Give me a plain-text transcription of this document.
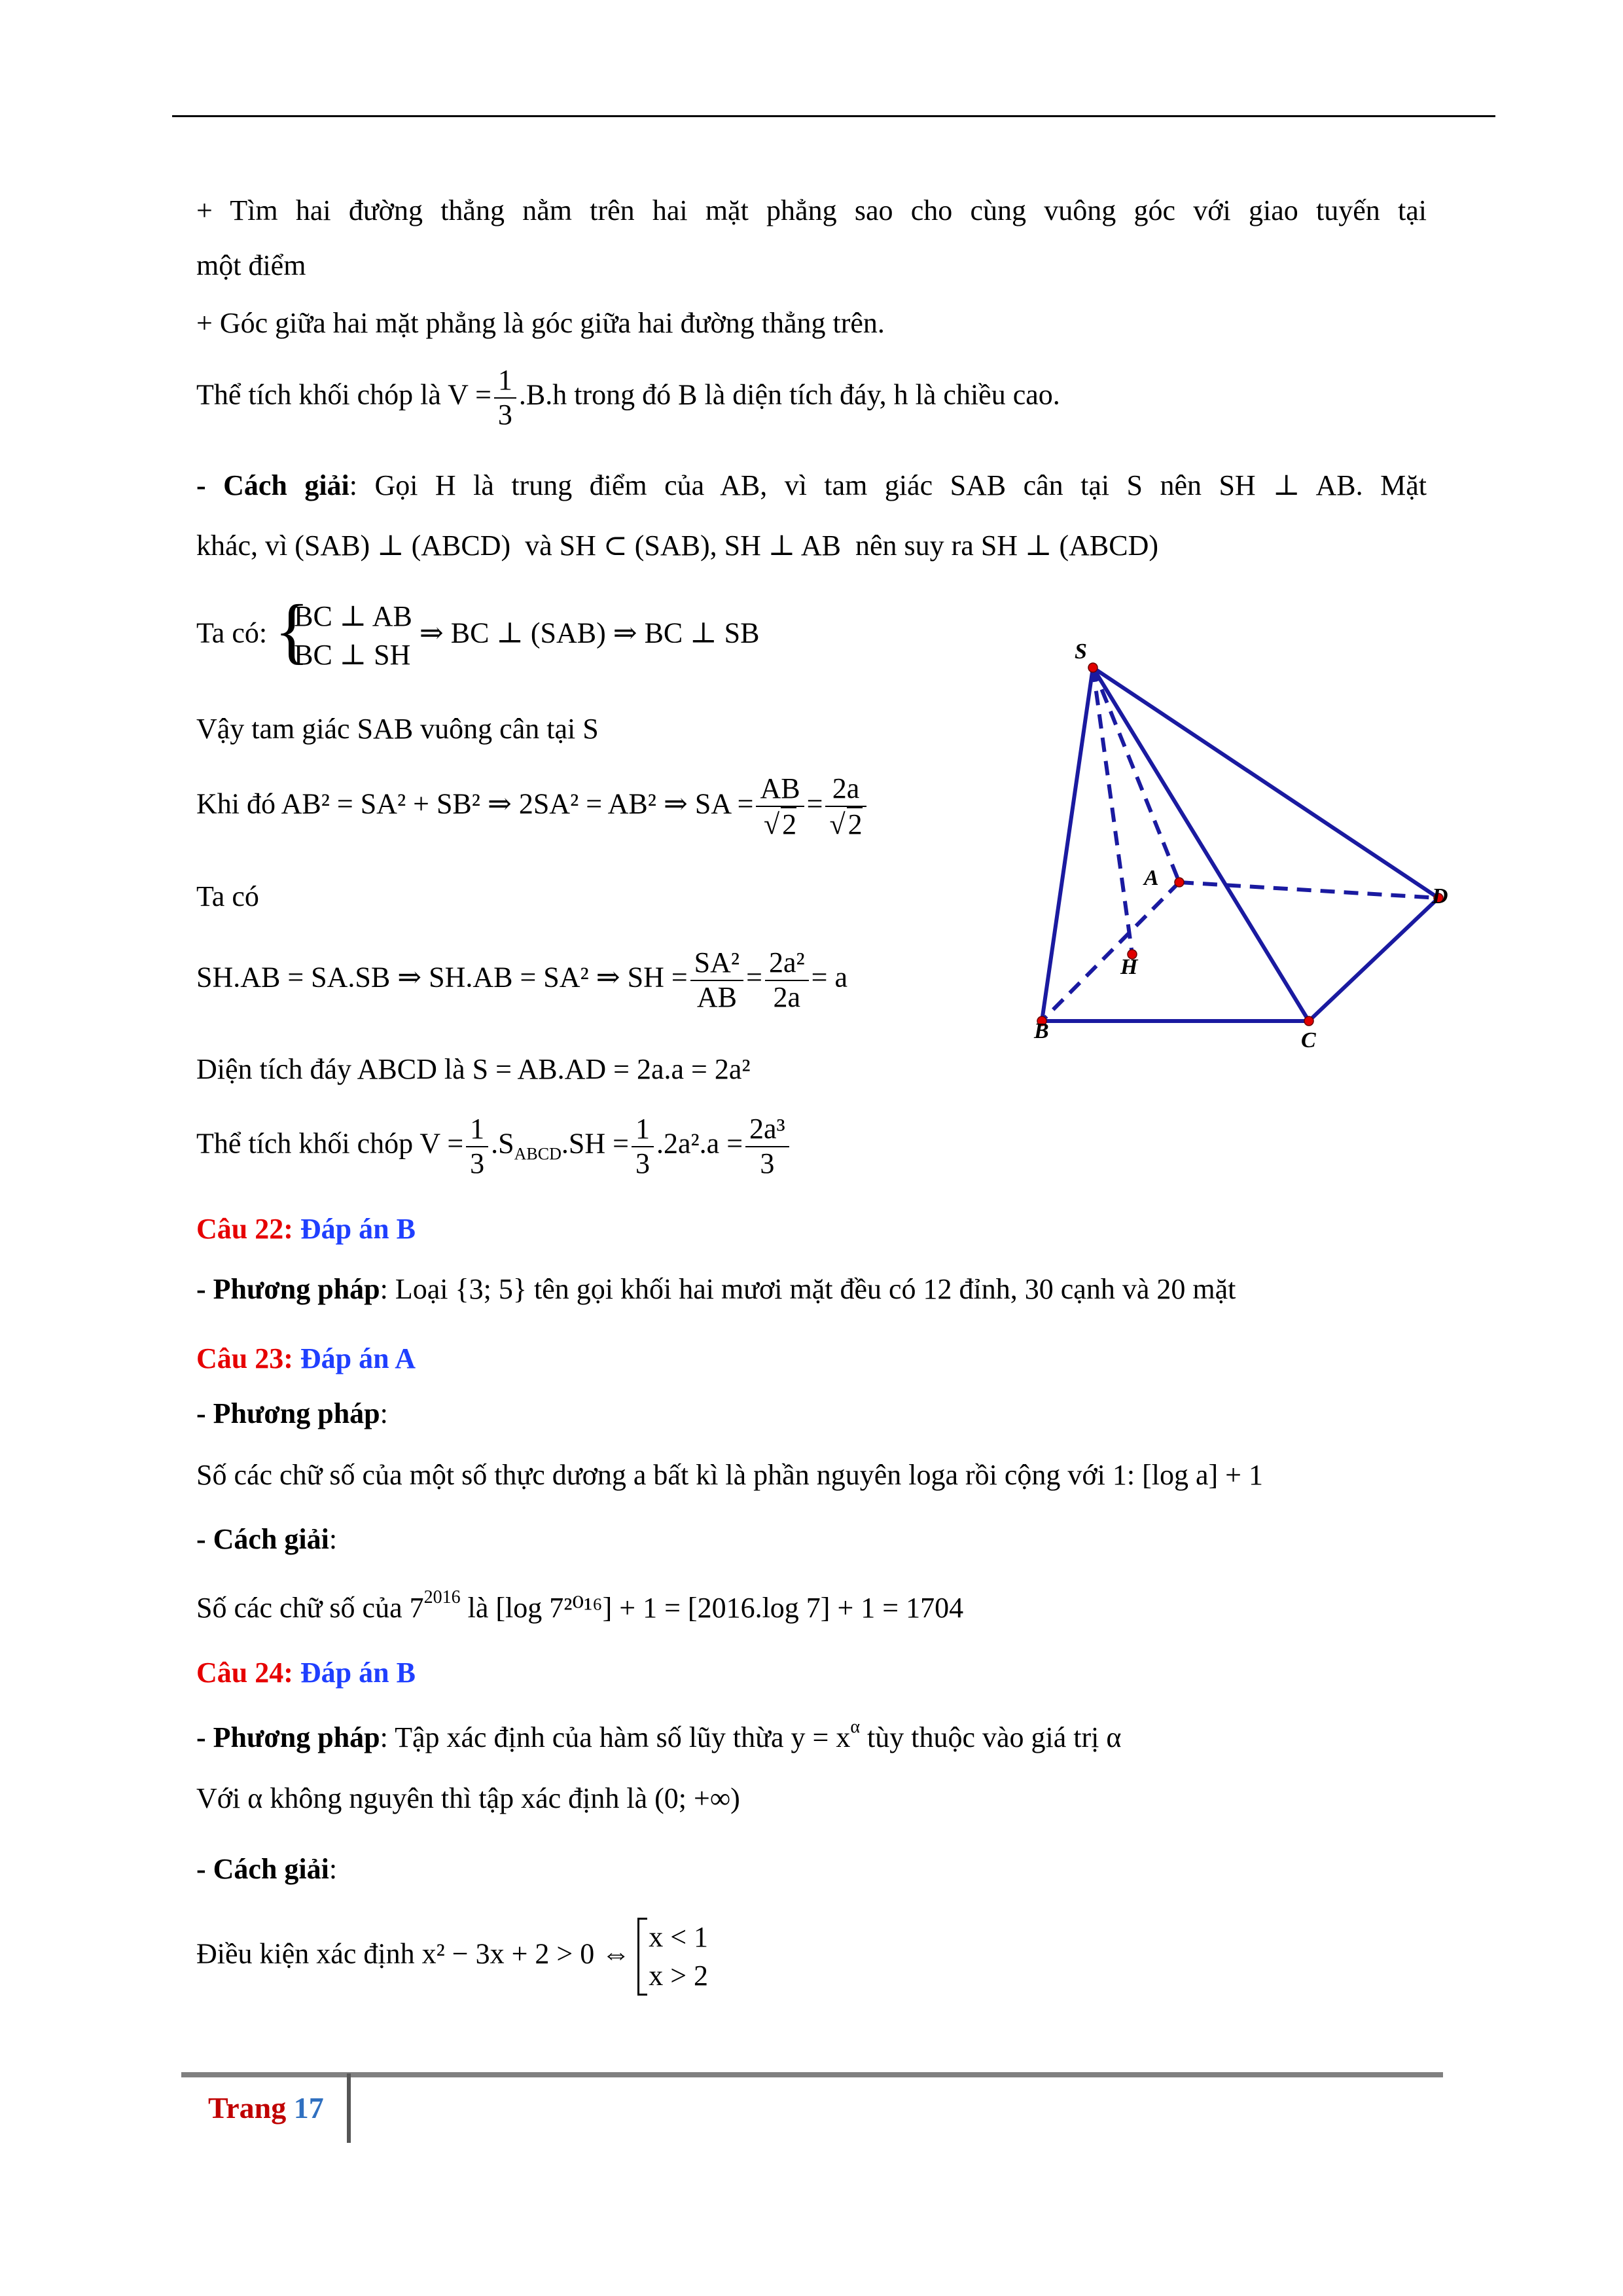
+ Tìm hai đường thẳng nằm trên hai mặt phẳng sao cho cùng vuông góc với giao tuyến tại
một điểm
+ Góc giữa hai mặt phẳng là góc giữa hai đường thẳng trên.
Thể tích khối chóp là $V = \frac{1}{3} .B.h$ trong đó B là diện tích đáy, h là chiều cao.
- Cách giải: Gọi H là trung điểm của AB, vì tam giác SAB cân tại S nên SH ⊥ AB. Mặt
khác, vì (SAB) ⊥ (ABCD) và SH ⊂ (SAB), SH ⊥ AB nên suy ra SH ⊥ (ABCD)
Ta có: {
BC ⊥ AB
BC ⊥ SH
⇒ BC ⊥ (SAB) ⇒ BC ⊥ SB
Vậy tam giác SAB vuông cân tại S
Khi đó AB² = SA² + SB² ⇒ 2SA² = AB² ⇒ SA = $\frac{AB}{√2} = \frac{2a}{√2}$
Ta có
SH.AB = SA.SB ⇒ SH.AB = SA² ⇒ SH = $\frac{\text{SA²}}{AB} = \frac{\text{2a²}}{2a} = a$
Diện tích đáy ABCD là S = AB.AD = 2a.a = 2a²
Thể tích khối chóp $V = \frac{1}{3} .S_{ABCD}.SH = \frac{1}{3} .2a^2.a = \frac{\text{2a³}}{3}$
S
A
D
H
B	C
Câu 22: Đáp án B
- Phương pháp: Loại {3; 5} tên gọi khối hai mươi mặt đều có 12 đỉnh, 30 cạnh và 20 mặt
Câu 23: Đáp án A
- Phương pháp:
Số các chữ số của một số thực dương a bất kì là phần nguyên loga rồi cộng với 1: [log a] + 1
- Cách giải:
Số các chữ số của $7^{2016}$ là [log 7²⁰¹⁶] + 1 = [2016.log 7] + 1 = 1704
Câu 24: Đáp án B
- Phương pháp: Tập xác định của hàm số lũy thừa $y = x^\alpha$ tùy thuộc vào giá trị α
Với α không nguyên thì tập xác định là (0; +∞)
- Cách giải:
Điều kiện xác định x² − 3x + 2 > 0 ⇔
x < 1
x > 2
Trang 17
